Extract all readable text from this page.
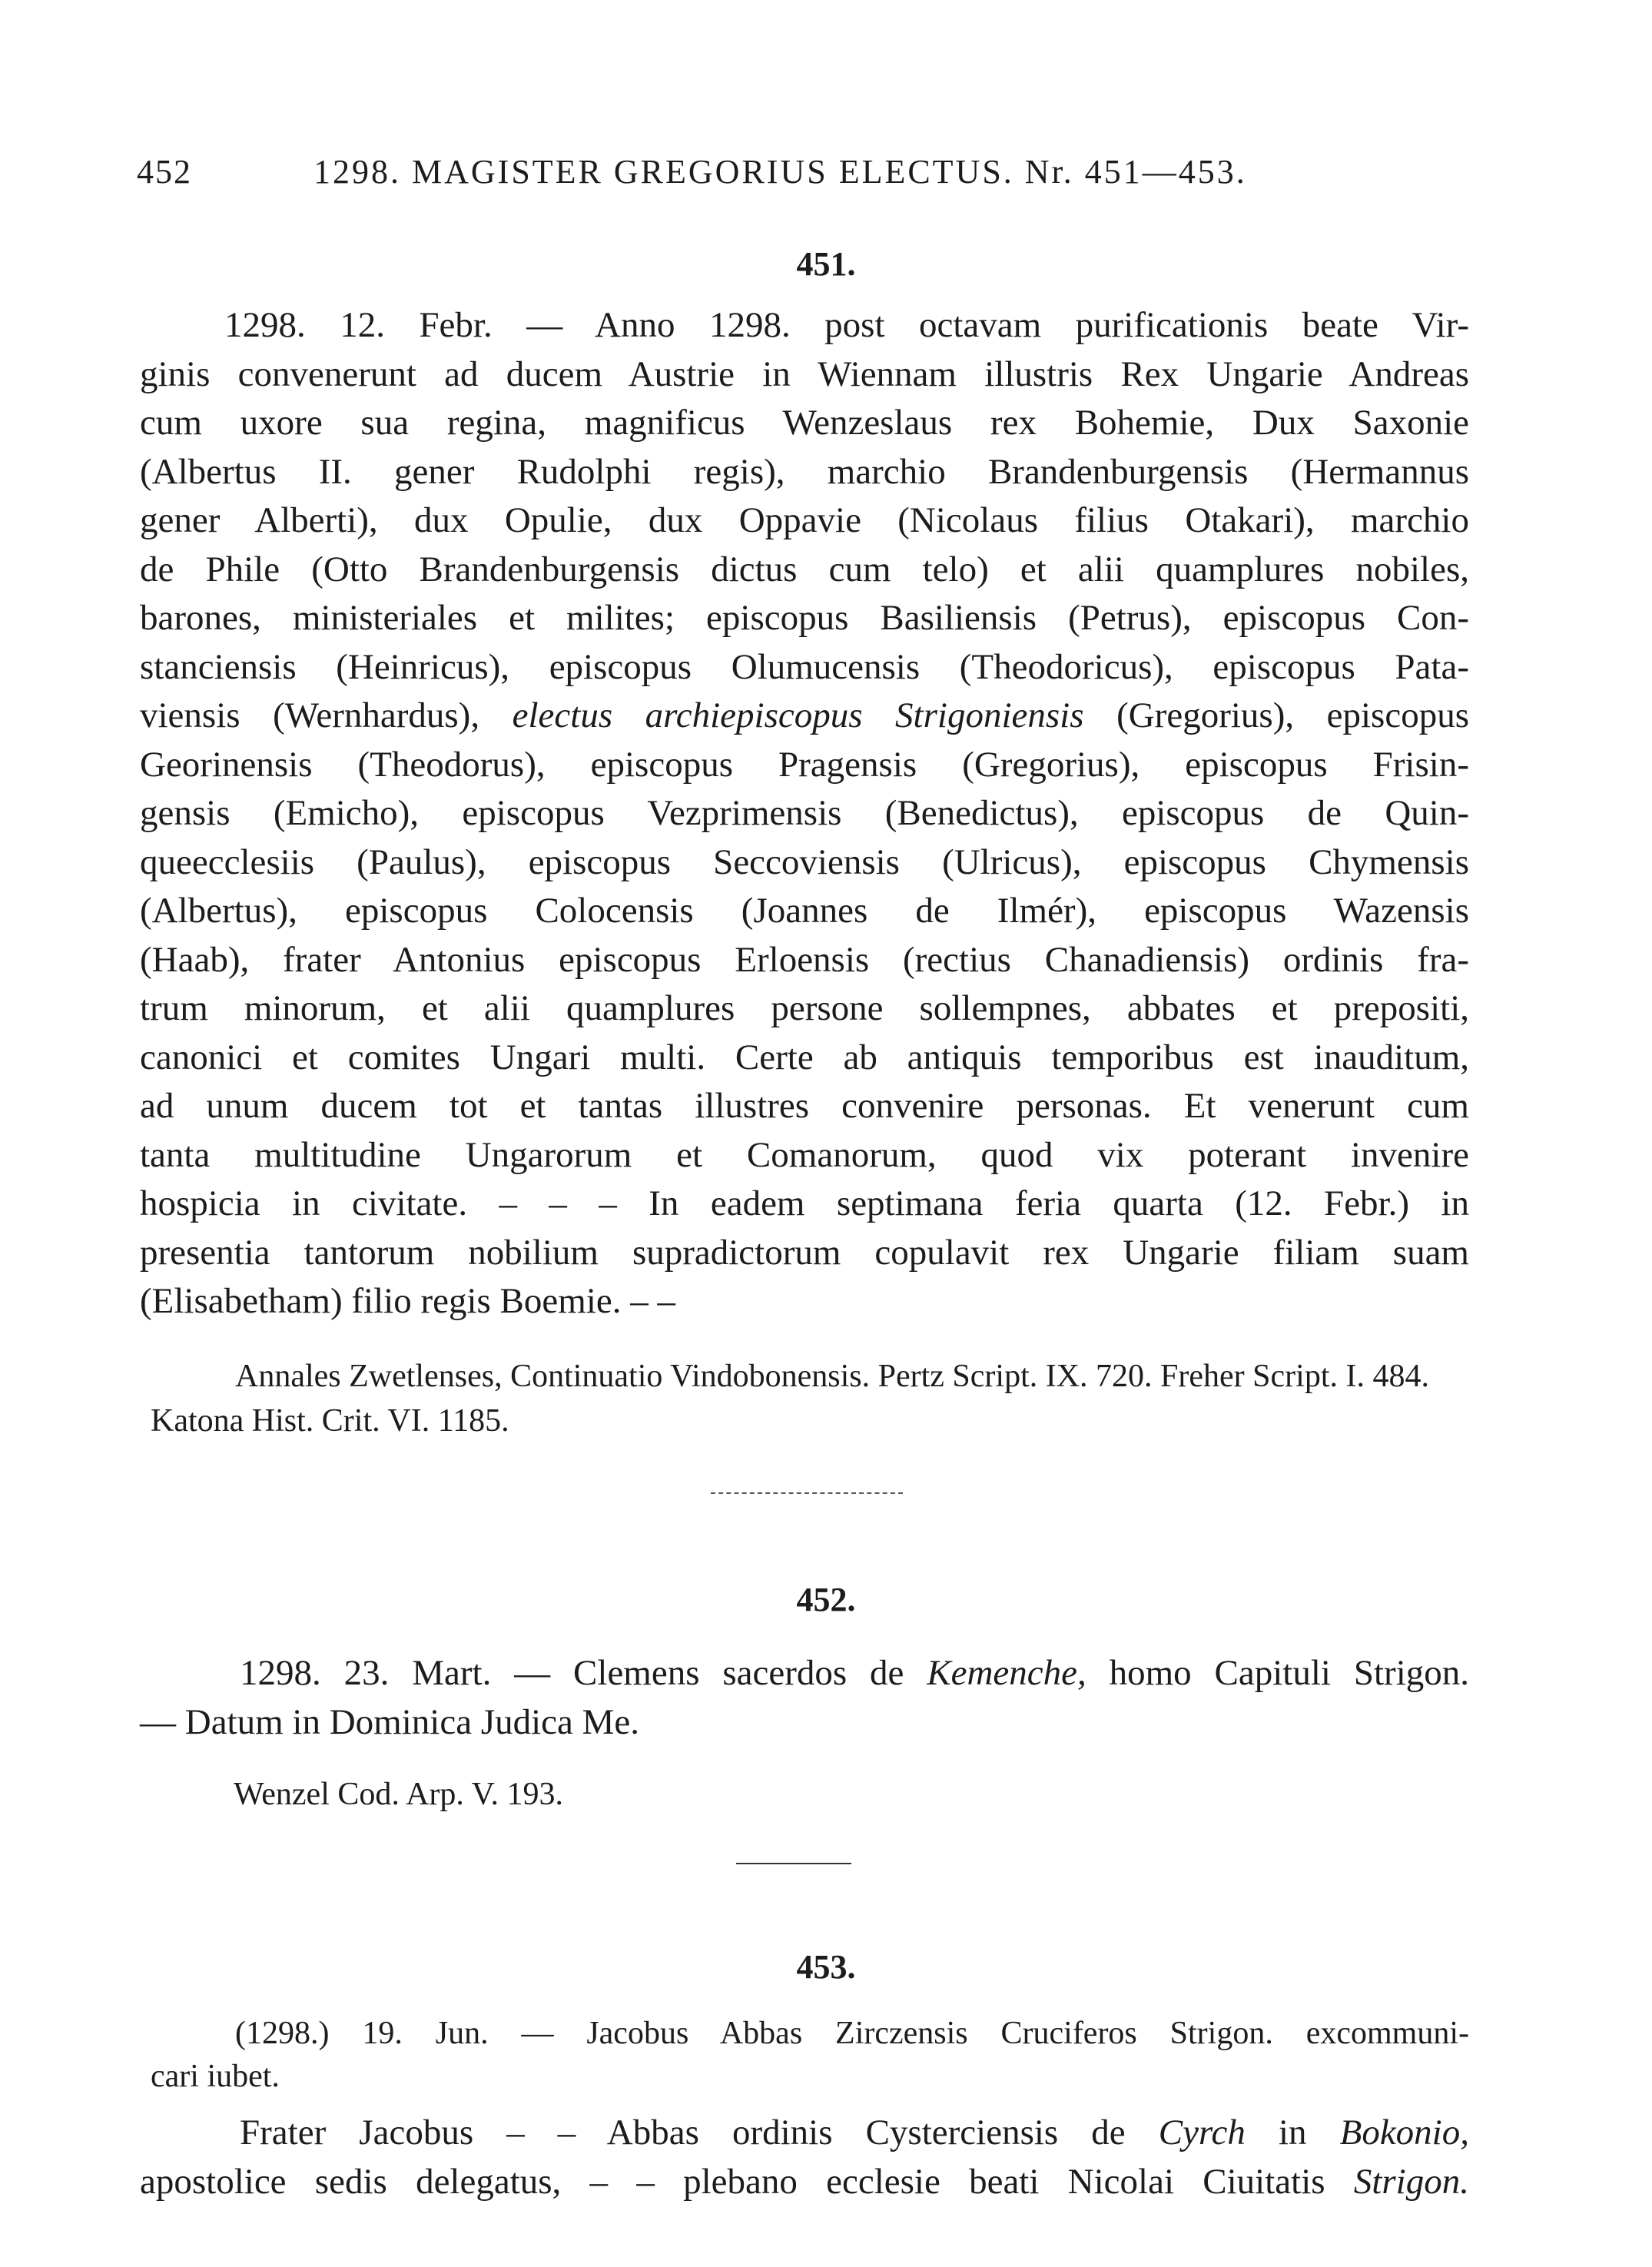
452	1298. MAGISTER GREGORIUS ELECTUS. Nr. 451—453.
451.
1298. 12. Febr. — Anno 1298. post octavam purificationis beate Vir-
ginis convenerunt ad ducem Austrie in Wiennam illustris Rex Ungarie Andreas
cum uxore sua regina, magnificus Wenzeslaus rex Bohemie, Dux Saxonie
(Albertus II. gener Rudolphi regis), marchio Brandenburgensis (Hermannus
gener Alberti), dux Opulie, dux Oppavie (Nicolaus filius Otakari), marchio
de Phile (Otto Brandenburgensis dictus cum telo) et alii quamplures nobiles,
barones, ministeriales et milites; episcopus Basiliensis (Petrus), episcopus Con-
stanciensis (Heinricus), episcopus Olumucensis (Theodoricus), episcopus Pata-
viensis (Wernhardus), electus archiepiscopus Strigoniensis (Gregorius), episcopus
Georinensis (Theodorus), episcopus Pragensis (Gregorius), episcopus Frisin-
gensis (Emicho), episcopus Vezprimensis (Benedictus), episcopus de Quin-
queecclesiis (Paulus), episcopus Seccoviensis (Ulricus), episcopus Chymensis
(Albertus), episcopus Colocensis (Joannes de Ilmér), episcopus Wazensis
(Haab), frater Antonius episcopus Erloensis (rectius Chanadiensis) ordinis fra-
trum minorum, et alii quamplures persone sollempnes, abbates et prepositi,
canonici et comites Ungari multi. Certe ab antiquis temporibus est inauditum,
ad unum ducem tot et tantas illustres convenire personas. Et venerunt cum
tanta multitudine Ungarorum et Comanorum, quod vix poterant invenire
hospicia in civitate. – – – In eadem septimana feria quarta (12. Febr.) in
presentia tantorum nobilium supradictorum copulavit rex Ungarie filiam suam
(Elisabetham) filio regis Boemie. – –

Annales Zwetlenses, Continuatio Vindobonensis. Pertz Script. IX. 720. Freher Script. I. 484. Katona Hist. Crit. VI. 1185.

452.
1298. 23. Mart. — Clemens sacerdos de Kemenche, homo Capituli Strigon.
— Datum in Dominica Judica Me.

Wenzel Cod. Arp. V. 193.

453.
(1298.) 19. Jun. — Jacobus Abbas Zirczensis Cruciferos Strigon. excommuni-
cari iubet.
Frater Jacobus – – Abbas ordinis Cysterciensis de Cyrch in Bokonio,
apostolice sedis delegatus, – – plebano ecclesie beati Nicolai Ciuitatis Strigon.
